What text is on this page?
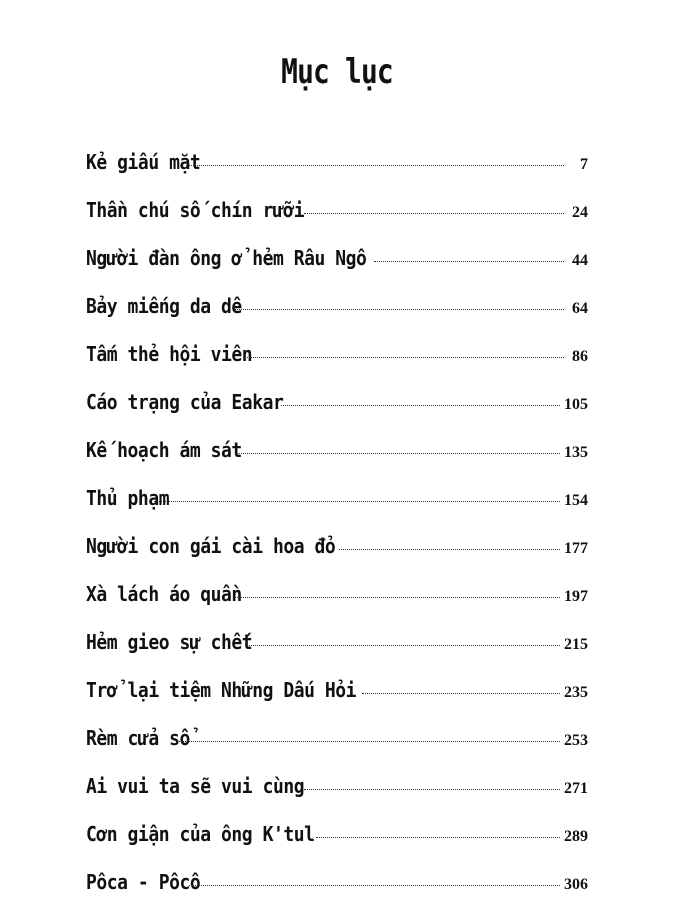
Mục lục
Kẻ giấu mặt	7
Thần chú số chín rưỡi	24
Người đàn ông ở hẻm Râu Ngô	44
Bảy miếng da dê	64
Tấm thẻ hội viên	86
Cáo trạng của Eakar	105
Kế hoạch ám sát	135
Thủ phạm	154
Người con gái cài hoa đỏ	177
Xà lách áo quần	197
Hẻm gieo sự chết	215
Trở lại tiệm Những Dấu Hỏi	235
Rèm cửa sổ	253
Ai vui ta sẽ vui cùng	271
Cơn giận của ông K'tul	289
Pôca - Pôcô	306
